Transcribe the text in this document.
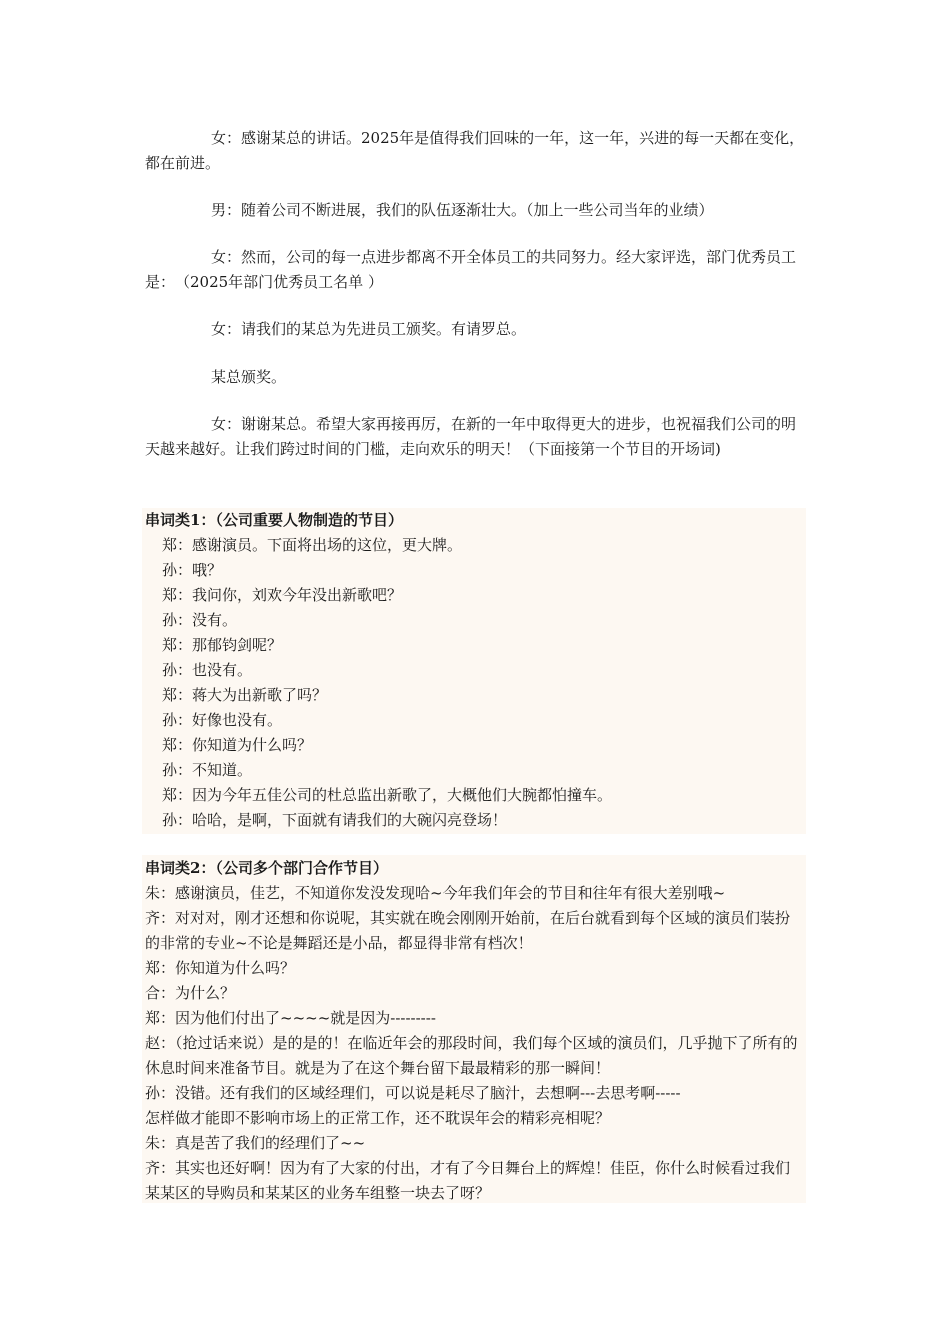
女：感谢某总的讲话。2025年是值得我们回味的一年，这一年，兴进的每一天都在变化，都在前进。

男：随着公司不断进展，我们的队伍逐渐壮大。（加上一些公司当年的业绩）

女：然而，公司的每一点进步都离不开全体员工的共同努力。经大家评选，部门优秀员工是：　（2025年部门优秀员工名单 ）

女：请我们的某总为先进员工颁奖。有请罗总。

某总颁奖。

女：谢谢某总。希望大家再接再厉，在新的一年中取得更大的进步，也祝福我们公司的明天越来越好。让我们跨过时间的门槛，走向欢乐的明天！（下面接第一个节目的开场词)

串词类1：（公司重要人物制造的节目）

郑：感谢演员。下面将出场的这位，更大牌。

孙：哦？

郑：我问你，刘欢今年没出新歌吧？

孙：没有。

郑：那郁钧剑呢？

孙：也没有。

郑：蒋大为出新歌了吗？

孙：好像也没有。

郑：你知道为什么吗？

孙：不知道。

郑：因为今年五佳公司的杜总监出新歌了，大概他们大腕都怕撞车。

孙：哈哈，是啊，下面就有请我们的大碗闪亮登场！

串词类2：（公司多个部门合作节目）

朱：感谢演员，佳艺，不知道你发没发现哈~今年我们年会的节目和往年有很大差别哦~

齐：对对对，刚才还想和你说呢，其实就在晚会刚刚开始前，在后台就看到每个区域的演员们装扮的非常的专业~不论是舞蹈还是小品，都显得非常有档次！

郑：你知道为什么吗？

合：为什么？

郑：因为他们付出了~~~~就是因为---------

赵：（抢过话来说）是的是的！在临近年会的那段时间，我们每个区域的演员们，几乎抛下了所有的休息时间来准备节目。就是为了在这个舞台留下最最精彩的那一瞬间！

孙：没错。还有我们的区域经理们，可以说是耗尽了脑汁，去想啊---去思考啊-----

怎样做才能即不影响市场上的正常工作，还不耽误年会的精彩亮相呢？

朱：真是苦了我们的经理们了~~

齐：其实也还好啊！因为有了大家的付出，才有了今日舞台上的辉煌！佳臣，你什么时候看过我们某某区的导购员和某某区的业务车组整一块去了呀？
